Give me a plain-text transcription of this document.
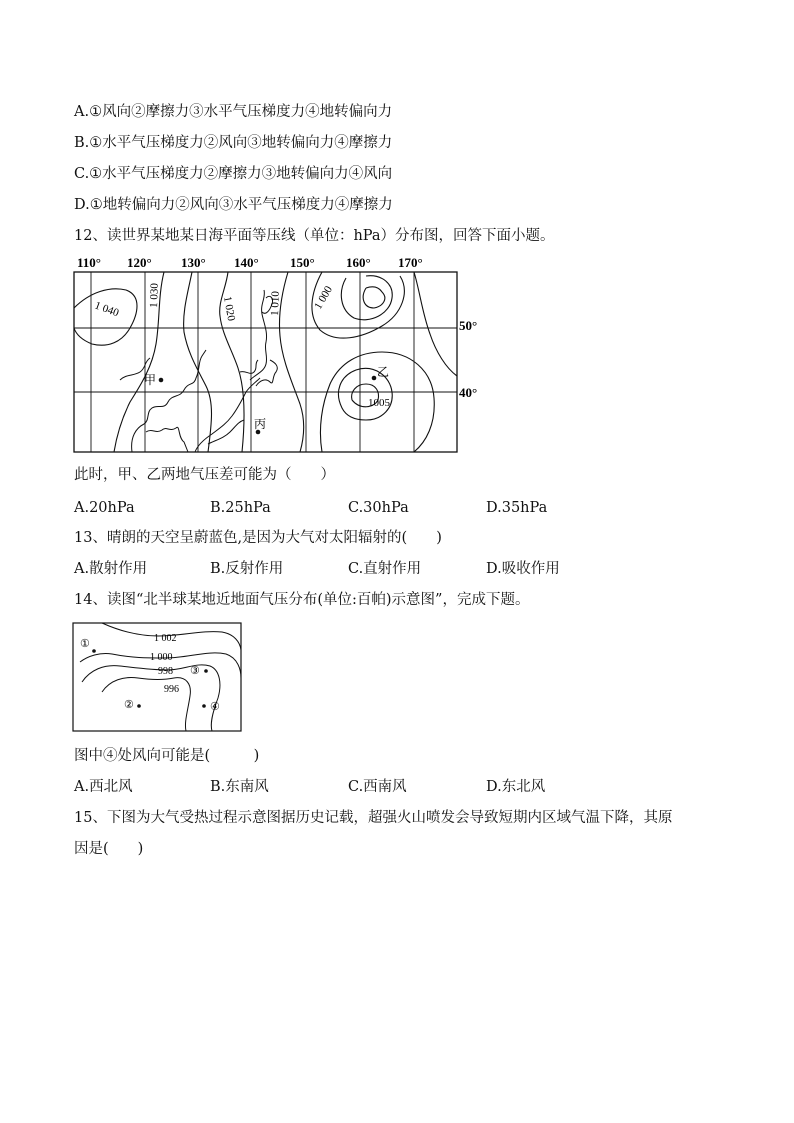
A.①风向②摩擦力③水平气压梯度力④地转偏向力
B.①水平气压梯度力②风向③地转偏向力④摩擦力
C.①水平气压梯度力②摩擦力③地转偏向力④风向
D.①地转偏向力②风向③水平气压梯度力④摩擦力
12、读世界某地某日海平面等压线（单位：hPa）分布图，回答下面小题。
110° 120° 130° 140° 150° 160° 170°
50°
40°
1 040
1 030	1 020	1 010	1 000
1005
甲
乙
丙
此时，甲、乙两地气压差可能为（　　）
A.20hPa	B.25hPa	C.30hPa	D.35hPa
13、晴朗的天空呈蔚蓝色,是因为大气对太阳辐射的(　　)
A.散射作用	B.反射作用	C.直射作用	D.吸收作用
14、读图“北半球某地近地面气压分布(单位:百帕)示意图”，完成下题。
1 002
1 000
998
996
①
②
③
④
图中④处风向可能是(　　　)
A.西北风	B.东南风	C.西南风	D.东北风
15、下图为大气受热过程示意图据历史记载，超强火山喷发会导致短期内区域气温下降，其原
因是(　　)
